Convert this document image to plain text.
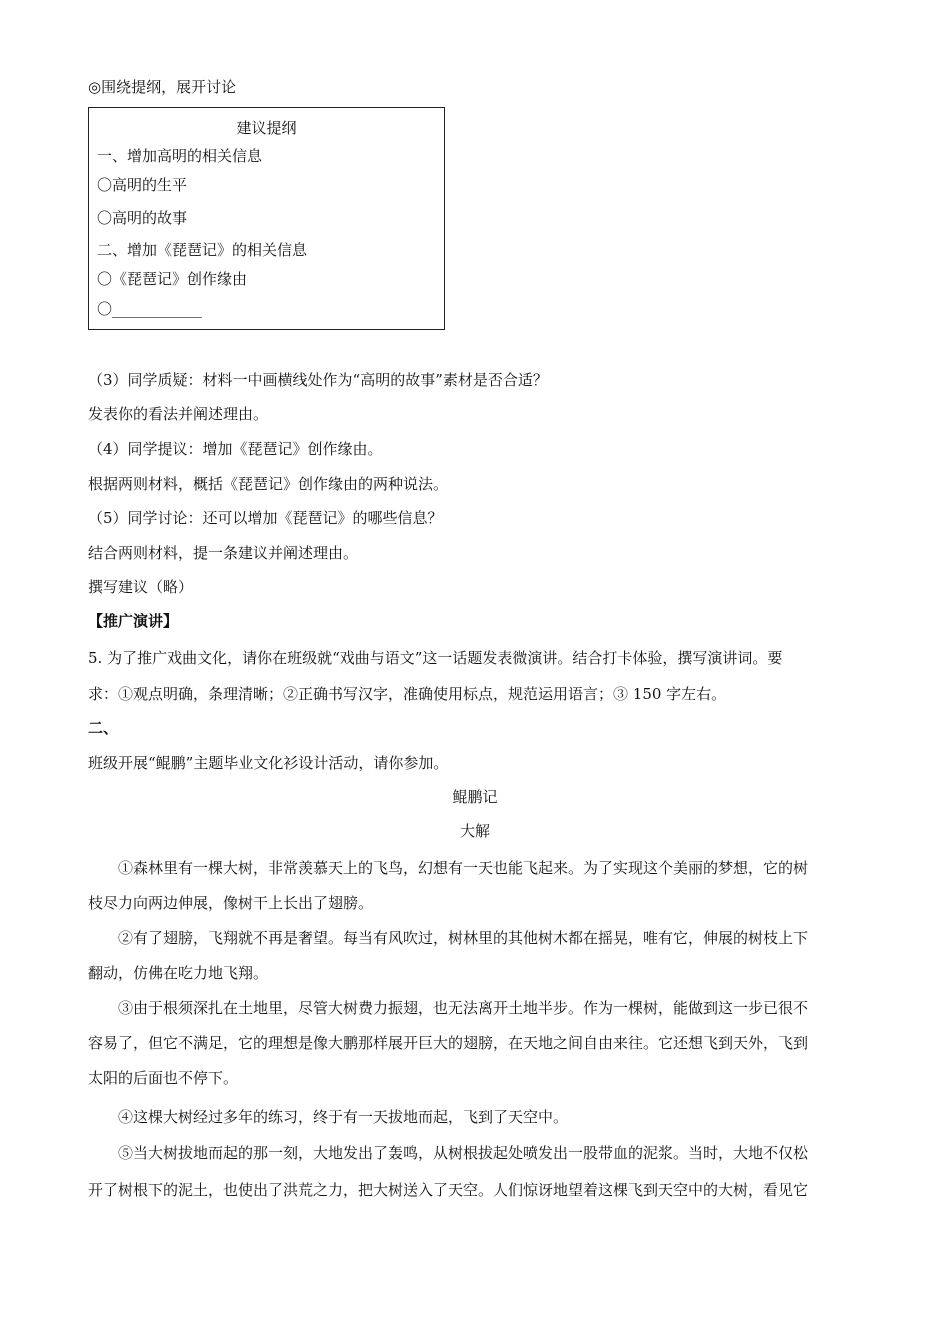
◎围绕提纲，展开讨论
建议提纲
一、增加高明的相关信息
〇高明的生平
〇高明的故事
二、增加《琵琶记》的相关信息
〇《琵琶记》创作缘由
〇____________
（3）同学质疑：材料一中画横线处作为“高明的故事”素材是否合适？
发表你的看法并阐述理由。
（4）同学提议：增加《琵琶记》创作缘由。
根据两则材料，概括《琵琶记》创作缘由的两种说法。
（5）同学讨论：还可以增加《琵琶记》的哪些信息？
结合两则材料，提一条建议并阐述理由。
撰写建议（略）
【推广演讲】
5. 为了推广戏曲文化，请你在班级就“戏曲与语文”这一话题发表微演讲。结合打卡体验，撰写演讲词。要
求：①观点明确，条理清晰；②正确书写汉字，准确使用标点，规范运用语言；③ 150 字左右。
二、
班级开展“鲲鹏”主题毕业文化衫设计活动，请你参加。
鲲鹏记
大解
　　①森林里有一棵大树，非常羡慕天上的飞鸟，幻想有一天也能飞起来。为了实现这个美丽的梦想，它的树
枝尽力向两边伸展，像树干上长出了翅膀。
　　②有了翅膀，飞翔就不再是奢望。每当有风吹过，树林里的其他树木都在摇晃，唯有它，伸展的树枝上下
翻动，仿佛在吃力地飞翔。
　　③由于根须深扎在土地里，尽管大树费力振翅，也无法离开土地半步。作为一棵树，能做到这一步已很不
容易了，但它不满足，它的理想是像大鹏那样展开巨大的翅膀，在天地之间自由来往。它还想飞到天外，飞到
太阳的后面也不停下。
　　④这棵大树经过多年的练习，终于有一天拔地而起，飞到了天空中。
　　⑤当大树拔地而起的那一刻，大地发出了轰鸣，从树根拔起处喷发出一股带血的泥浆。当时，大地不仅松
开了树根下的泥土，也使出了洪荒之力，把大树送入了天空。人们惊讶地望着这棵飞到天空中的大树，看见它
